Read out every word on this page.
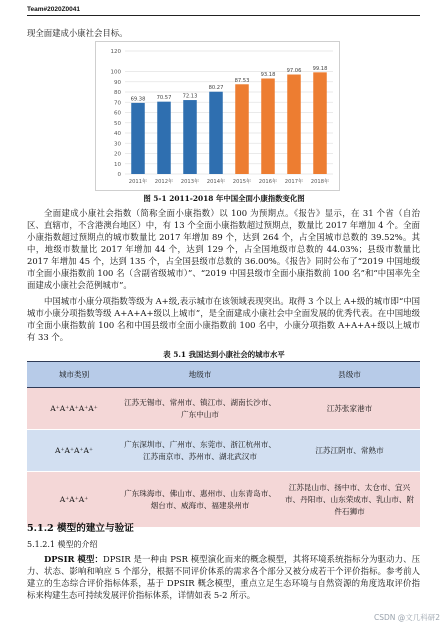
Team#2020Z0041
现全面建成小康社会目标。
0
10
20
30
40
50
60
70
80
90
100
120
69.38 70.57 72.13
80.27
87.53
93.18
97.06 99.18
2011年 2012年 2013年 2014年 2015年 2016年 2017年 2018年
图 5-1 2011-2018 年中国全面小康指数变化图
全面建成小康社会指数（简称全面小康指数）以 100 为预期点。《报告》显示，在 31 个省（自治区、直辖市，不含港澳台地区）中，有 13 个全面小康指数超过预期点，数量比 2017 年增加 4 个。全面小康指数超过预期点的城市数量比 2017 年增加 89 个，达到 264 个，占全国城市总数的 39.52%。其中，地级市数量比 2017 年增加 44 个，达到 129 个，占全国地级市总数的 44.03%；县级市数量比 2017 年增加 45 个，达到 135 个，占全国县级市总数的 36.00%。《报告》同时公布了“2019 中国地级市全面小康指数前 100 名（含副省级城市）”、“2019 中国县级市全面小康指数前 100 名”和“中国率先全面建成小康社会范例城市”。
中国城市小康分项指数等级为 A+级,表示城市在该领域表现突出。取得 3 个以上 A+级的城市即“中国城市小康分项指数等级 A+A+A+级以上城市”，是全面建成小康社会中全面发展的优秀代表。在中国地级市全面小康指数前 100 名和中国县级市全面小康指数前 100 名中，小康分项指数 A+A+A+级以上城市有 33 个。
表 5.1 我国达到小康社会的城市水平
城市类别	地级市	县级市
A⁺A⁺A⁺A⁺A⁺	江苏无锡市、常州市、镇江市、湖南长沙市、广东中山市	江苏张家港市
A⁺A⁺A⁺A⁺	广东深圳市、广州市、东莞市、浙江杭州市、江苏南京市、苏州市、湖北武汉市	江苏江阴市、常熟市
A⁺A⁺A⁺	广东珠海市、佛山市、惠州市、山东青岛市、烟台市、威海市、福建泉州市	江苏昆山市、扬中市、太仓市、宜兴市、丹阳市、山东荣成市、乳山市、附件石狮市
5.1.2 模型的建立与验证
5.1.2.1 模型的介绍
DPSIR 模型：DPSIR 是一种由 PSR 模型演化而来的概念模型，其将环境系统指标分为驱动力、压力、状态、影响和响应 5 个部分，根据不同评价体系的需求各个部分又被分成若干个评价指标。参考前人建立的生态综合评价指标体系，基于 DPSIR 概念模型，重点立足生态环境与自然资源的角度选取评价指标来构建生态可持续发展评价指标体系，详情如表 5-2 所示。
CSDN @文几科研2
